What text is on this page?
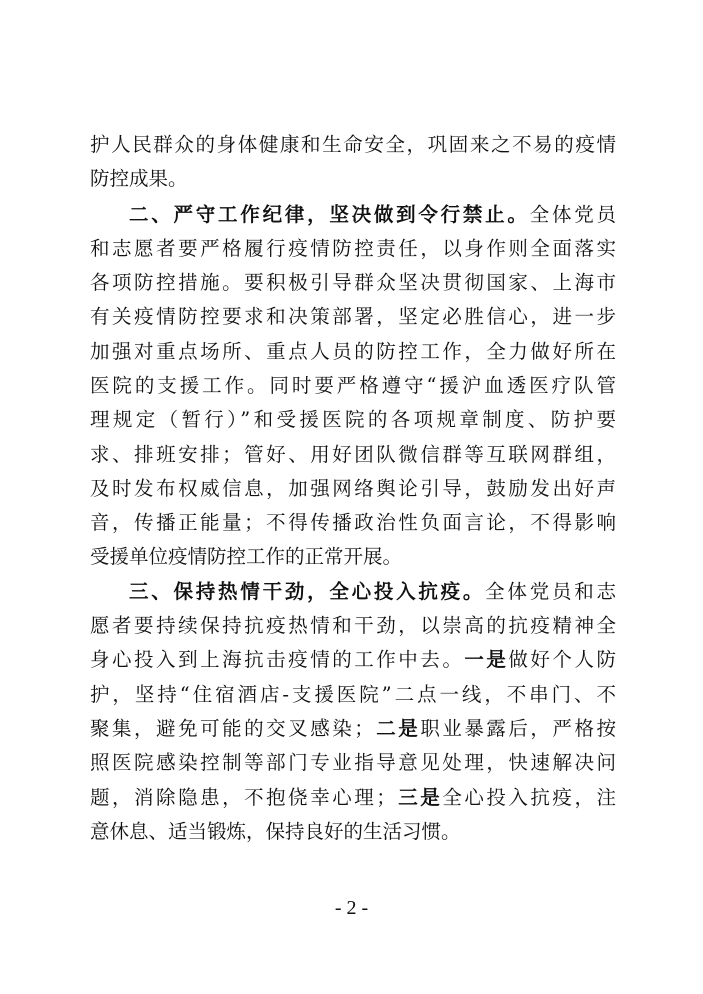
护人民群众的身体健康和生命安全，巩固来之不易的疫情
防控成果。
二、严守工作纪律，坚决做到令行禁止。全体党员
和志愿者要严格履行疫情防控责任，以身作则全面落实
各项防控措施。要积极引导群众坚决贯彻国家、上海市
有关疫情防控要求和决策部署，坚定必胜信心，进一步
加强对重点场所、重点人员的防控工作，全力做好所在
医院的支援工作。同时要严格遵守“援沪血透医疗队管
理规定（暂行）”和受援医院的各项规章制度、防护要
求、排班安排；管好、用好团队微信群等互联网群组，
及时发布权威信息，加强网络舆论引导，鼓励发出好声
音，传播正能量；不得传播政治性负面言论，不得影响
受援单位疫情防控工作的正常开展。
三、保持热情干劲，全心投入抗疫。全体党员和志
愿者要持续保持抗疫热情和干劲，以崇高的抗疫精神全
身心投入到上海抗击疫情的工作中去。一是做好个人防
护，坚持“住宿酒店-支援医院”二点一线，不串门、不
聚集，避免可能的交叉感染；二是职业暴露后，严格按
照医院感染控制等部门专业指导意见处理，快速解决问
题，消除隐患，不抱侥幸心理；三是全心投入抗疫，注
意休息、适当锻炼，保持良好的生活习惯。
- 2 -
